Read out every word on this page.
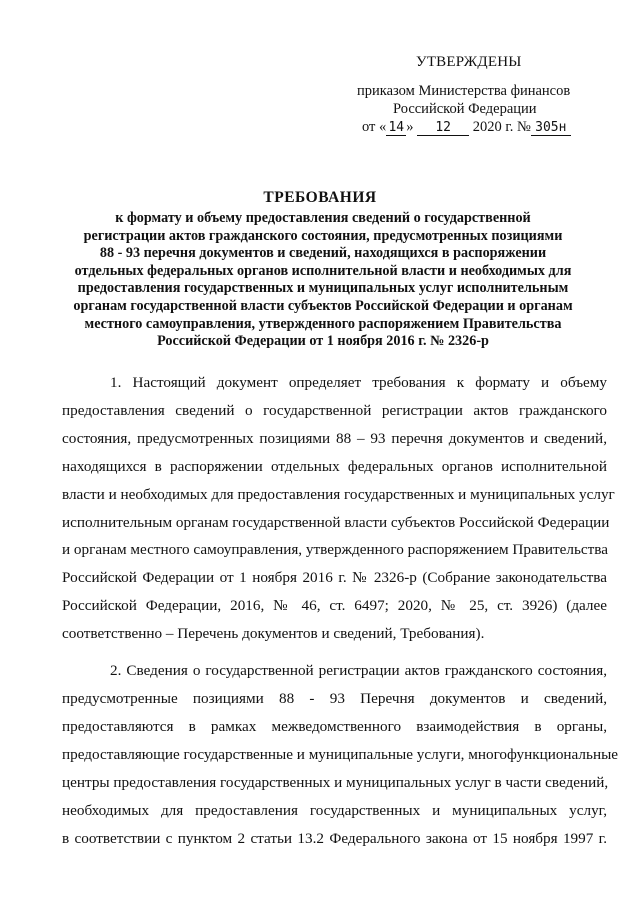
УТВЕРЖДЕНЫ
приказом Министерства финансов
Российской Федерации
от « 14 » 12 2020 г. № 305н
ТРЕБОВАНИЯ
к формату и объему предоставления сведений о государственной
регистрации актов гражданского состояния, предусмотренных позициями
88 - 93 перечня документов и сведений, находящихся в распоряжении
отдельных федеральных органов исполнительной власти и необходимых для
предоставления государственных и муниципальных услуг исполнительным
органам государственной власти субъектов Российской Федерации и органам
местного самоуправления, утвержденного распоряжением Правительства
Российской Федерации от 1 ноября 2016 г. № 2326-р
1. Настоящий документ определяет требования к формату и объему
предоставления сведений о государственной регистрации актов гражданского
состояния, предусмотренных позициями 88 – 93 перечня документов и сведений,
находящихся в распоряжении отдельных федеральных органов исполнительной
власти и необходимых для предоставления государственных и муниципальных услуг
исполнительным органам государственной власти субъектов Российской Федерации
и органам местного самоуправления, утвержденного распоряжением Правительства
Российской Федерации от 1 ноября 2016 г. № 2326-р (Собрание законодательства
Российской Федерации, 2016, № 46, ст. 6497; 2020, № 25, ст. 3926) (далее
соответственно – Перечень документов и сведений, Требования).
2. Сведения о государственной регистрации актов гражданского состояния,
предусмотренные позициями 88 - 93 Перечня документов и сведений,
предоставляются в рамках межведомственного взаимодействия в органы,
предоставляющие государственные и муниципальные услуги, многофункциональные
центры предоставления государственных и муниципальных услуг в части сведений,
необходимых для предоставления государственных и муниципальных услуг,
в соответствии с пунктом 2 статьи 13.2 Федерального закона от 15 ноября 1997 г.
